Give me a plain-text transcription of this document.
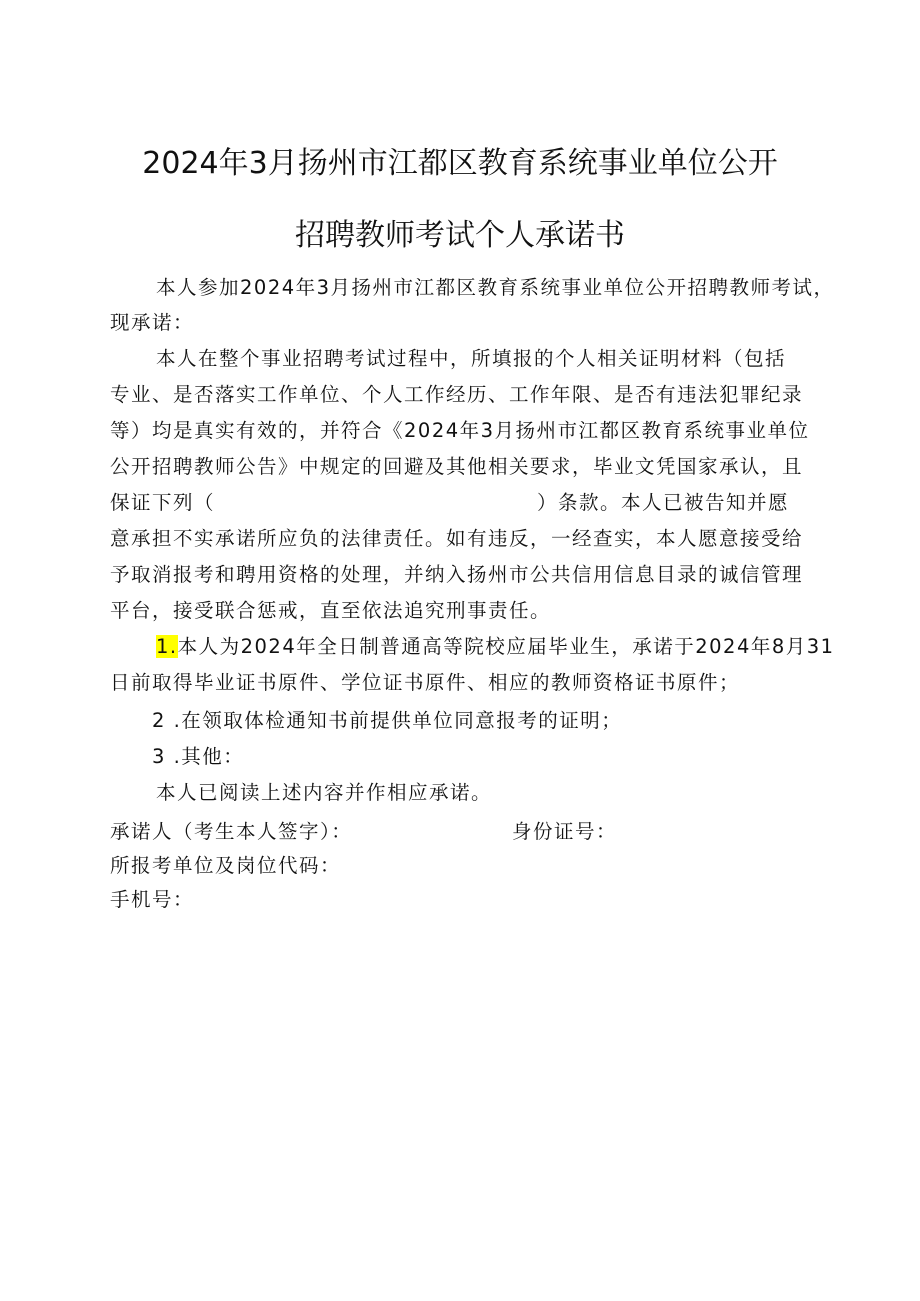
2024年3月扬州市江都区教育系统事业单位公开
招聘教师考试个人承诺书
本人参加2024年3月扬州市江都区教育系统事业单位公开招聘教师考试，
现承诺：
本人在整个事业招聘考试过程中，所填报的个人相关证明材料（包括
专业、是否落实工作单位、个人工作经历、工作年限、是否有违法犯罪纪录
等）均是真实有效的，并符合《2024年3月扬州市江都区教育系统事业单位
公开招聘教师公告》中规定的回避及其他相关要求，毕业文凭国家承认，且
保证下列（	）条款。本人已被告知并愿
意承担不实承诺所应负的法律责任。如有违反，一经查实，本人愿意接受给
予取消报考和聘用资格的处理，并纳入扬州市公共信用信息目录的诚信管理
平台，接受联合惩戒，直至依法追究刑事责任。
1.本人为2024年全日制普通高等院校应届毕业生，承诺于2024年8月31
日前取得毕业证书原件、学位证书原件、相应的教师资格证书原件；
2 .在领取体检通知书前提供单位同意报考的证明；
3 .其他：
本人已阅读上述内容并作相应承诺。
承诺人（考生本人签字）：	身份证号：
所报考单位及岗位代码：
手机号：
